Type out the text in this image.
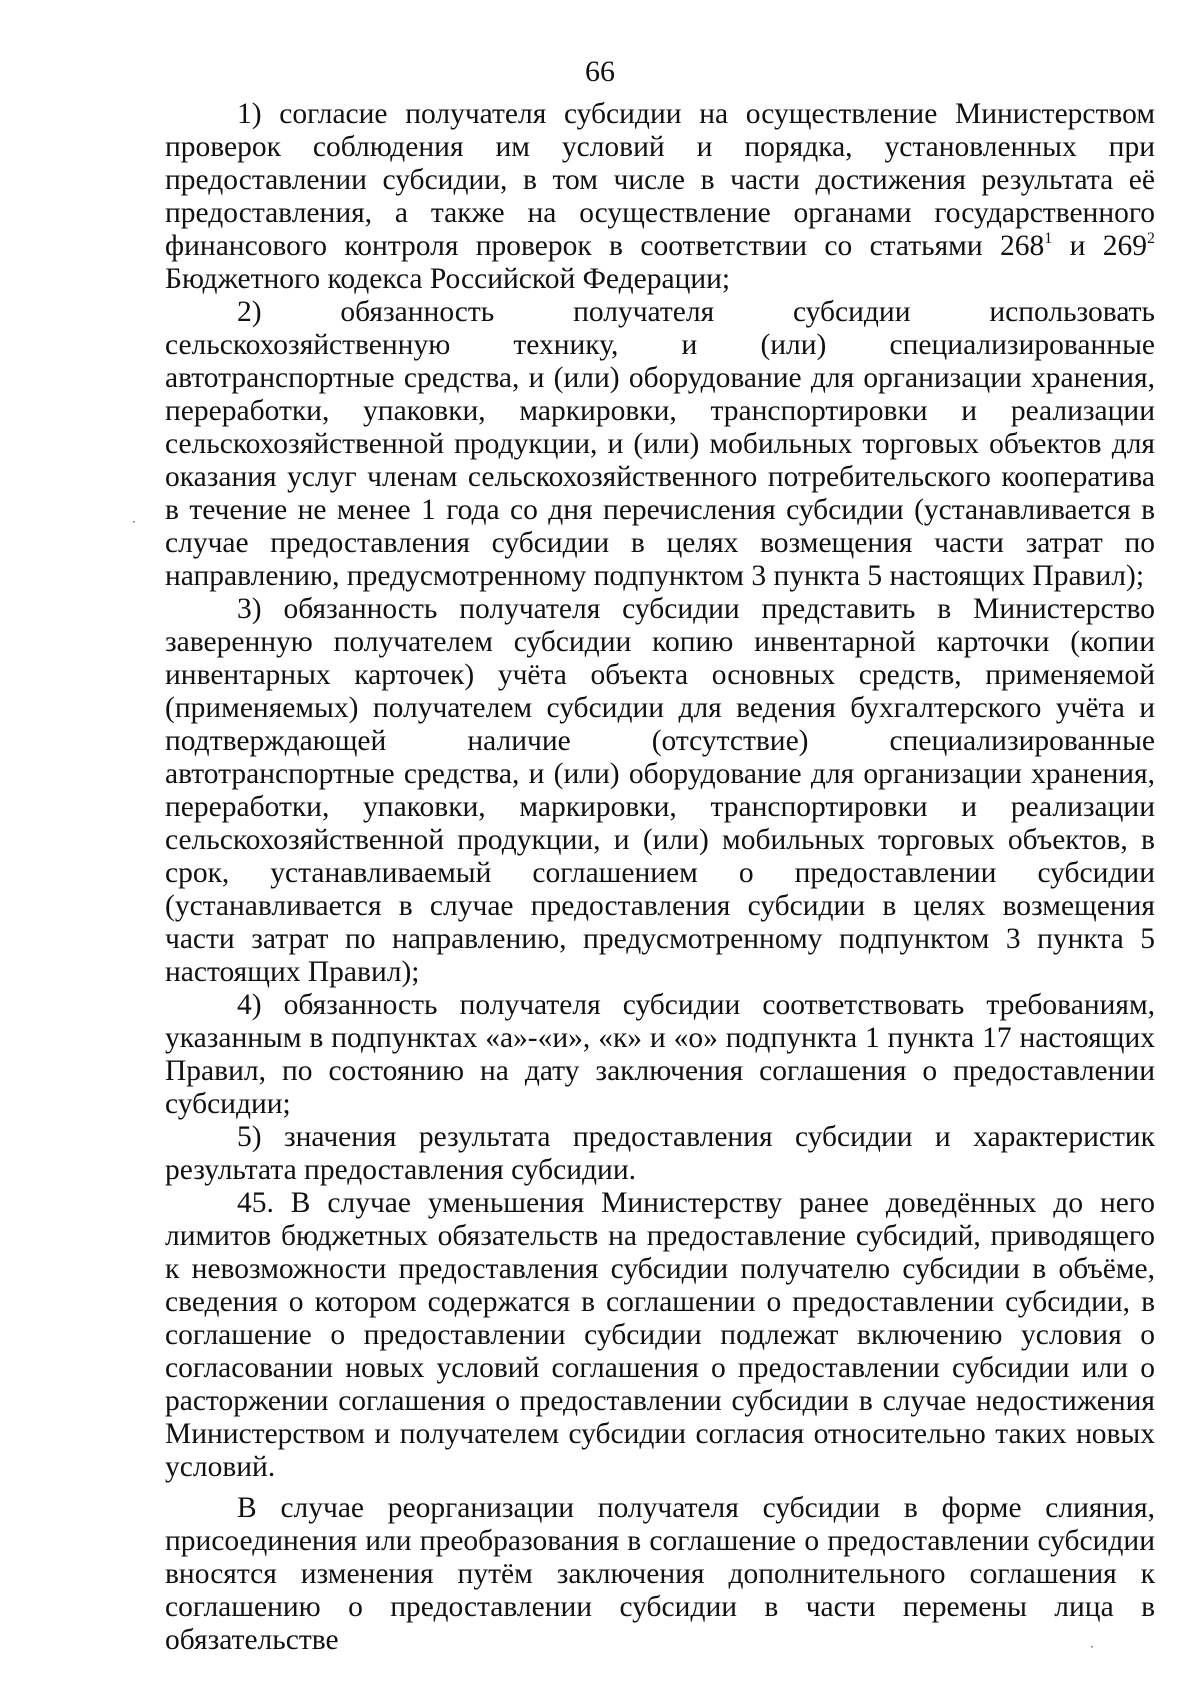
66

1) согласие получателя субсидии на осуществление Министерством проверок соблюдения им условий и порядка, установленных при предоставлении субсидии, в том числе в части достижения результата её предоставления, а также на осуществление органами государственного финансового контроля проверок в соответствии со статьями $268^1$ и $269^2$ Бюджетного кодекса Российской Федерации;

2) обязанность получателя субсидии использовать сельскохозяйственную технику, и (или) специализированные автотранспортные средства, и (или) оборудование для организации хранения, переработки, упаковки, маркировки, транспортировки и реализации сельскохозяйственной продукции, и (или) мобильных торговых объектов для оказания услуг членам сельскохозяйственного потребительского кооператива в течение не менее 1 года со дня перечисления субсидии (устанавливается в случае предоставления субсидии в целях возмещения части затрат по направлению, предусмотренному подпунктом 3 пункта 5 настоящих Правил);

3) обязанность получателя субсидии представить в Министерство заверенную получателем субсидии копию инвентарной карточки (копии инвентарных карточек) учёта объекта основных средств, применяемой (применяемых) получателем субсидии для ведения бухгалтерского учёта и подтверждающей наличие (отсутствие) специализированные автотранспортные средства, и (или) оборудование для организации хранения, переработки, упаковки, маркировки, транспортировки и реализации сельскохозяйственной продукции, и (или) мобильных торговых объектов, в срок, устанавливаемый соглашением о предоставлении субсидии (устанавливается в случае предоставления субсидии в целях возмещения части затрат по направлению, предусмотренному подпунктом 3 пункта 5 настоящих Правил);

4) обязанность получателя субсидии соответствовать требованиям, указанным в подпунктах «а»-«и», «к» и «о» подпункта 1 пункта 17 настоящих Правил, по состоянию на дату заключения соглашения о предоставлении субсидии;

5) значения результата предоставления субсидии и характеристик результата предоставления субсидии.

45. В случае уменьшения Министерству ранее доведённых до него лимитов бюджетных обязательств на предоставление субсидий, приводящего к невозможности предоставления субсидии получателю субсидии в объёме, сведения о котором содержатся в соглашении о предоставлении субсидии, в соглашение о предоставлении субсидии подлежат включению условия о согласовании новых условий соглашения о предоставлении субсидии или о расторжении соглашения о предоставлении субсидии в случае недостижения Министерством и получателем субсидии согласия относительно таких новых условий.

В случае реорганизации получателя субсидии в форме слияния, присоединения или преобразования в соглашение о предоставлении субсидии вносятся изменения путём заключения дополнительного соглашения к соглашению о предоставлении субсидии в части перемены лица в обязательстве

·
·
